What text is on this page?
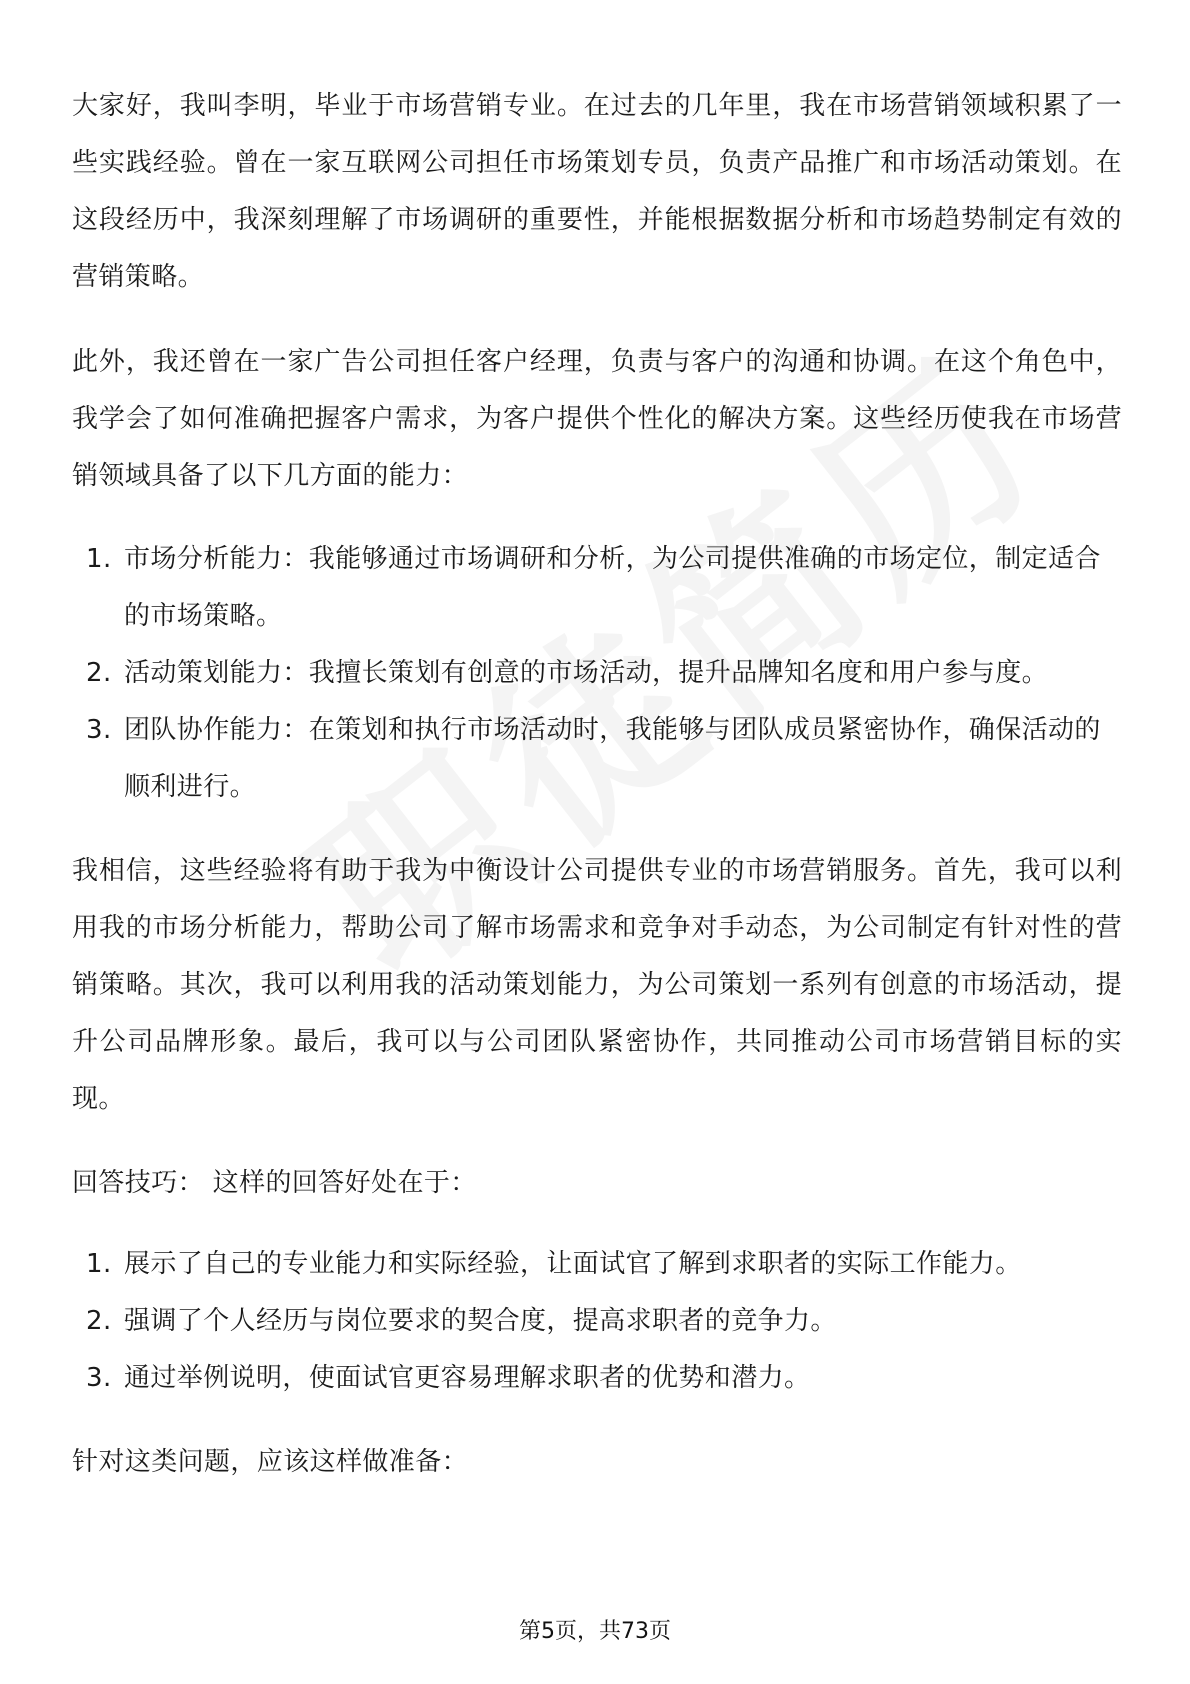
大家好，我叫李明，毕业于市场营销专业。在过去的几年里，我在市场营销领域积累了一些实践经验。曾在一家互联网公司担任市场策划专员，负责产品推广和市场活动策划。在这段经历中，我深刻理解了市场调研的重要性，并能根据数据分析和市场趋势制定有效的营销策略。

此外，我还曾在一家广告公司担任客户经理，负责与客户的沟通和协调。在这个角色中，我学会了如何准确把握客户需求，为客户提供个性化的解决方案。这些经历使我在市场营销领域具备了以下几方面的能力：

1. 市场分析能力：我能够通过市场调研和分析，为公司提供准确的市场定位，制定适合的市场策略。
2. 活动策划能力：我擅长策划有创意的市场活动，提升品牌知名度和用户参与度。
3. 团队协作能力：在策划和执行市场活动时，我能够与团队成员紧密协作，确保活动的顺利进行。

我相信，这些经验将有助于我为中衡设计公司提供专业的市场营销服务。首先，我可以利用我的市场分析能力，帮助公司了解市场需求和竞争对手动态，为公司制定有针对性的营销策略。其次，我可以利用我的活动策划能力，为公司策划一系列有创意的市场活动，提升公司品牌形象。最后，我可以与公司团队紧密协作，共同推动公司市场营销目标的实现。

回答技巧： 这样的回答好处在于：

1. 展示了自己的专业能力和实际经验，让面试官了解到求职者的实际工作能力。
2. 强调了个人经历与岗位要求的契合度，提高求职者的竞争力。
3. 通过举例说明，使面试官更容易理解求职者的优势和潜力。

针对这类问题，应该这样做准备：

第5页，共73页
